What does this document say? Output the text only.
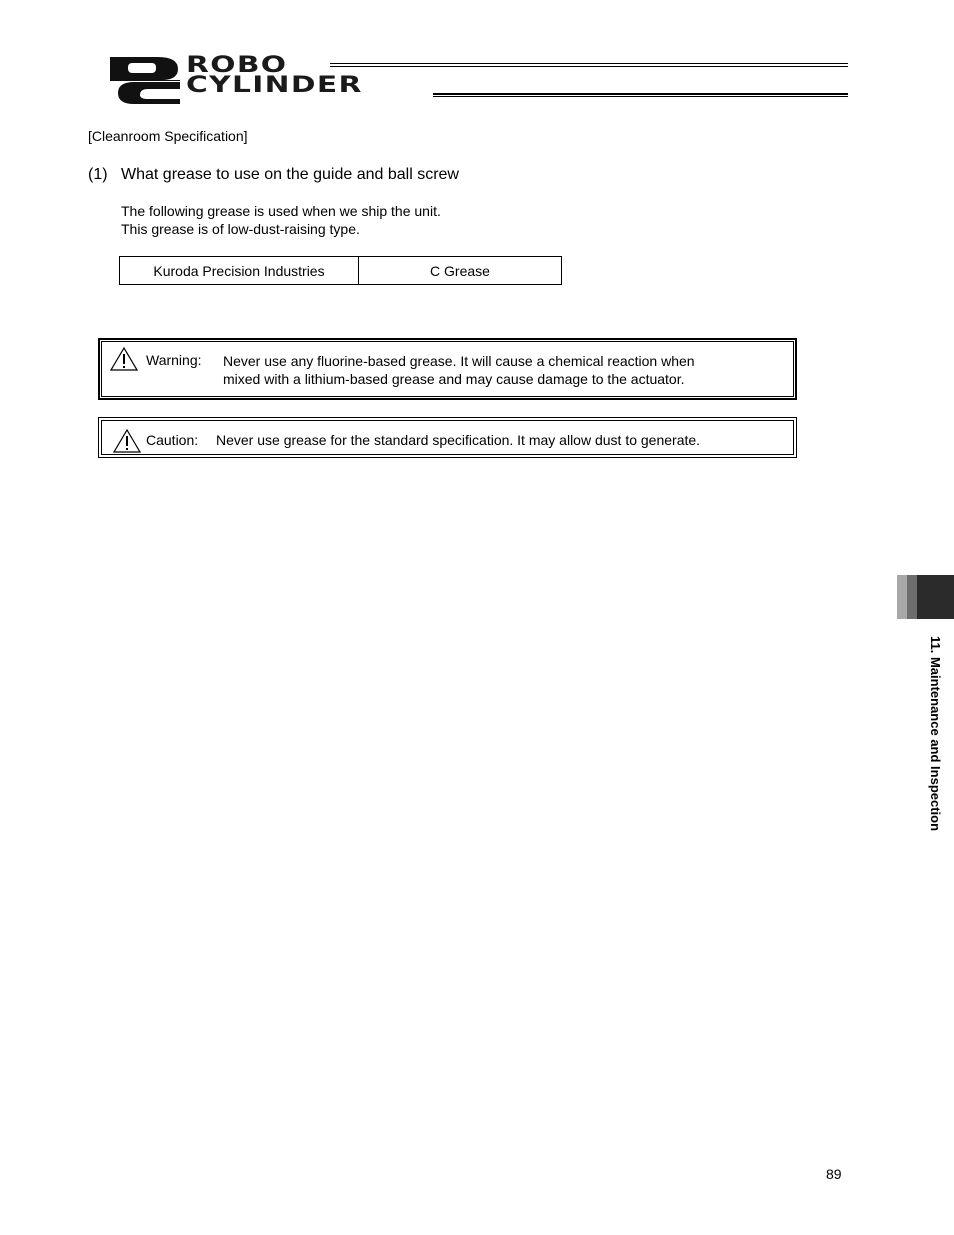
ROBO
CYLINDER
[Cleanroom Specification]
(1) What grease to use on the guide and ball screw
The following grease is used when we ship the unit.
This grease is of low-dust-raising type.
Kuroda Precision Industries	C Grease
Warning: Never use any fluorine-based grease. It will cause a chemical reaction when
mixed with a lithium-based grease and may cause damage to the actuator.
Caution: Never use grease for the standard specification. It may allow dust to generate.
11. Maintenance and Inspection
89
